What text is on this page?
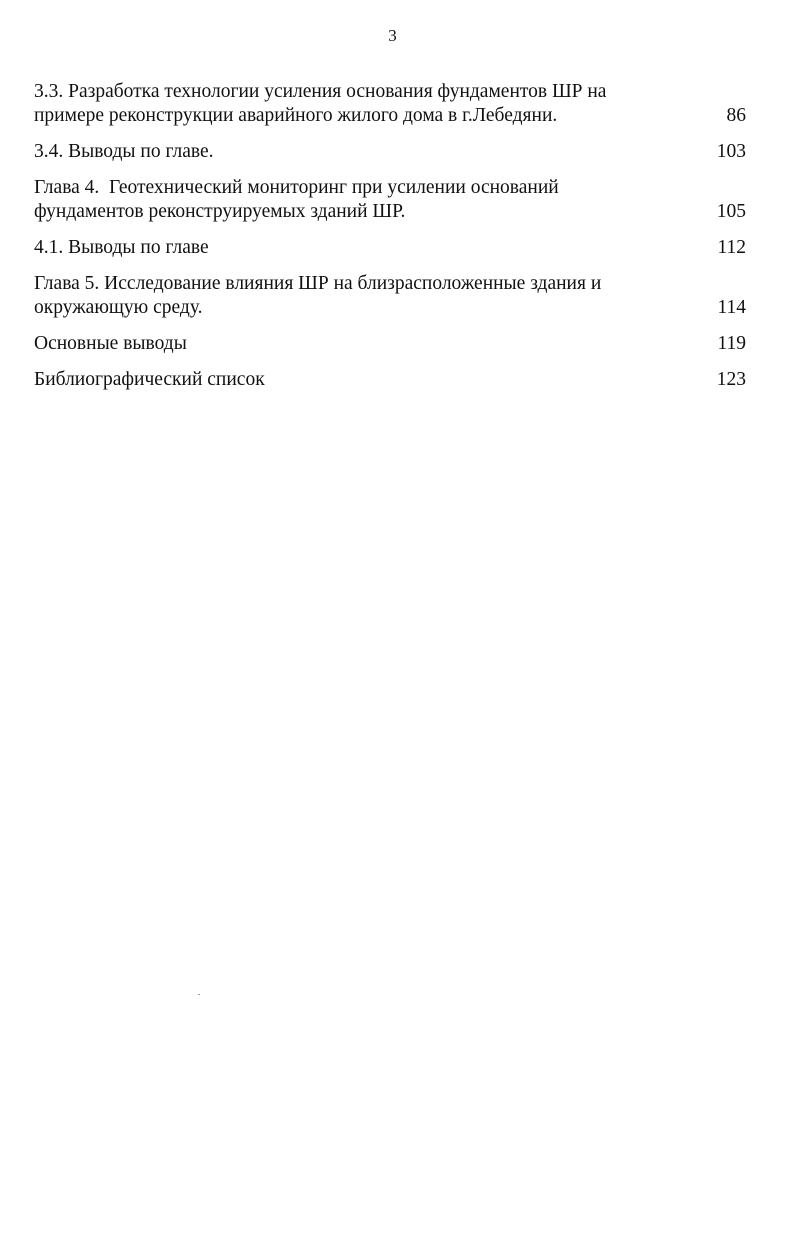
3
3.3. Разработка технологии усиления основания фундаментов ШР на
примере реконструкции аварийного жилого дома в г.Лебедяни.	86
3.4. Выводы по главе.	103
Глава 4.  Геотехнический мониторинг при усилении оснований
фундаментов реконструируемых зданий ШР.	105
4.1. Выводы по главе	112
Глава 5. Исследование влияния ШР на близрасположенные здания и
окружающую среду.	114
Основные выводы	119
Библиографический список	123
